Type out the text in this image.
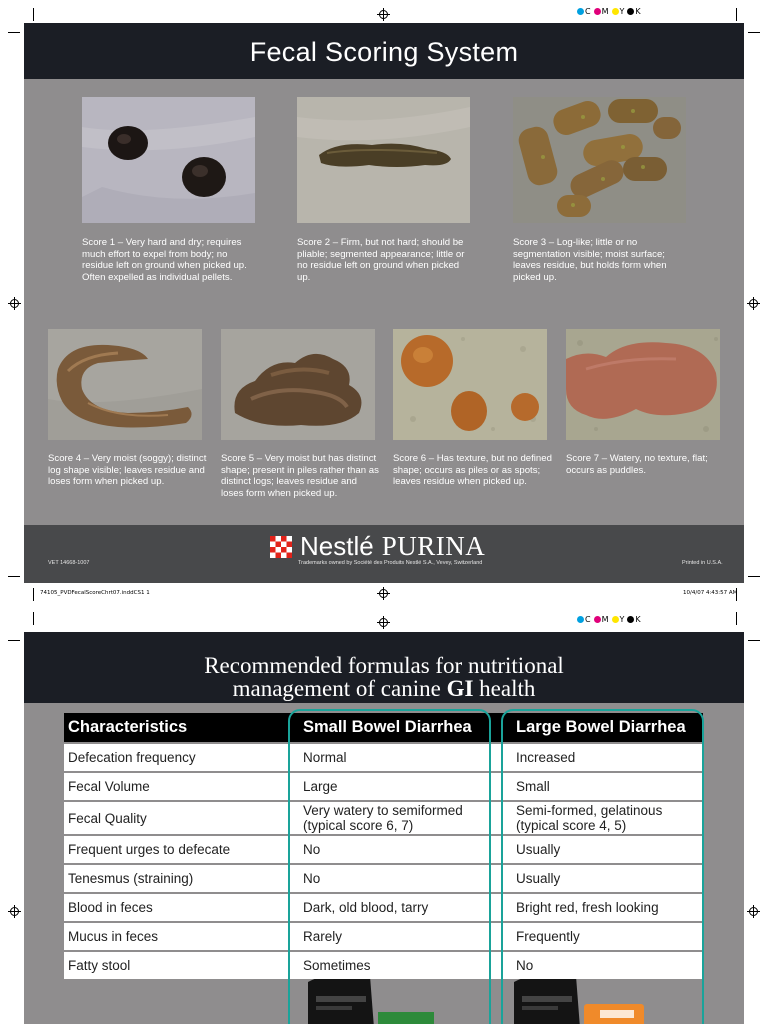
C	M	Y	K
C	M	Y	K
Fecal Scoring System
Score 1 – Very hard and dry; requires much effort to expel from body; no residue left on ground when picked up. Often expelled as individual pellets.
Score 2 – Firm, but not hard; should be pliable; segmented appearance; little or no residue left on ground when picked up.
Score 3 – Log-like; little or no segmentation visible; moist surface; leaves residue, but holds form when picked up.
Score 4 – Very moist (soggy); distinct log shape visible; leaves residue and loses form when picked up.
Score 5 – Very moist but has distinct shape; present in piles rather than as distinct logs; leaves residue and loses form when picked up.
Score 6 – Has texture, but no defined shape; occurs as piles or as spots; leaves residue when picked up.
Score 7 – Watery, no texture, flat; occurs as puddles.
Nestlé PURINA
VET 14668-1007	Trademarks owned by Société des Produits Nestlé S.A., Vevey, Switzerland	Printed in U.S.A.
74105_PVDFecalScoreChrt07.inddCS1 1	10/4/07 4:43:57 AM
Recommended formulas for nutritional
management of canine GI health
Characteristics	Small Bowel Diarrhea	Large Bowel Diarrhea
Defecation frequency	Normal	Increased
Fecal Volume	Large	Small
Fecal Quality	Very watery to semiformed (typical score 6, 7)	Semi-formed, gelatinous (typical score 4, 5)
Frequent urges to defecate	No	Usually
Tenesmus (straining)	No	Usually
Blood in feces	Dark, old blood, tarry	Bright red, fresh looking
Mucus in feces	Rarely	Frequently
Fatty stool	Sometimes	No
